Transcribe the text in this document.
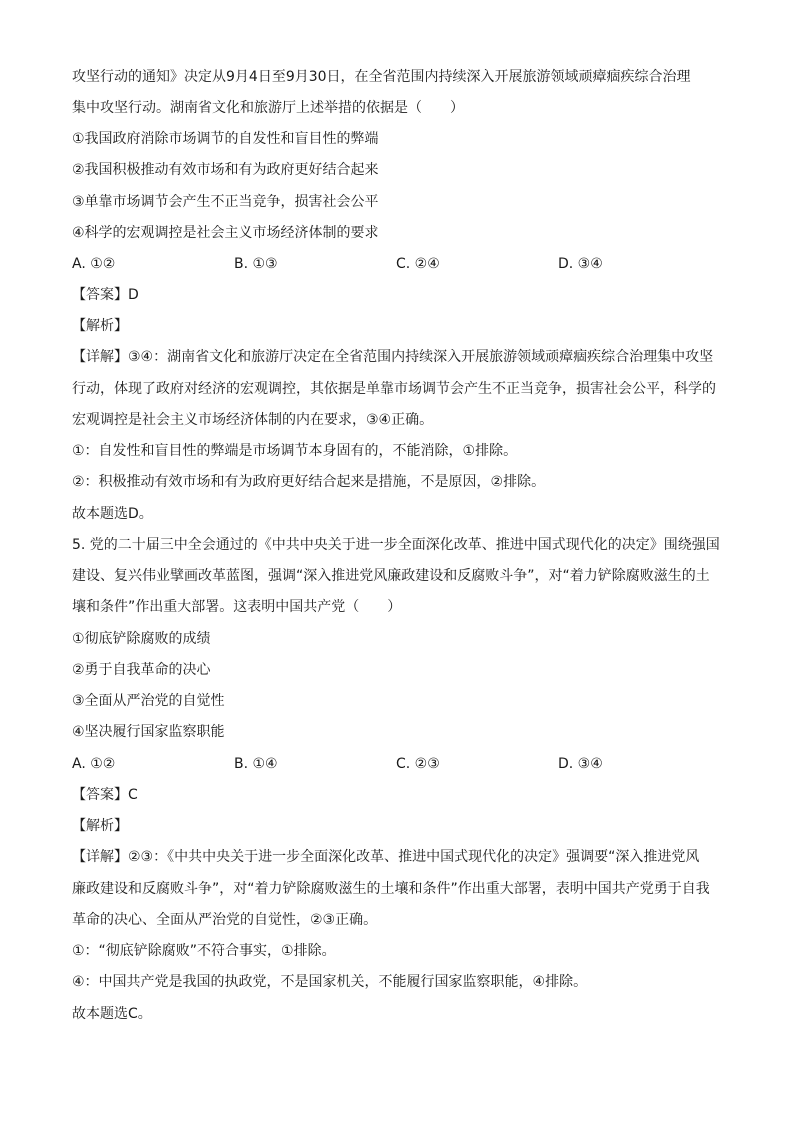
攻坚行动的通知》决定从9月4日至9月30日，在全省范围内持续深入开展旅游领域顽瘴痼疾综合治理
集中攻坚行动。湖南省文化和旅游厅上述举措的依据是（　　）
①我国政府消除市场调节的自发性和盲目性的弊端
②我国积极推动有效市场和有为政府更好结合起来
③单靠市场调节会产生不正当竞争，损害社会公平
④科学的宏观调控是社会主义市场经济体制的要求
A. ①②	B. ①③	C. ②④	D. ③④
【答案】D
【解析】
【详解】③④：湖南省文化和旅游厅决定在全省范围内持续深入开展旅游领域顽瘴痼疾综合治理集中攻坚
行动，体现了政府对经济的宏观调控，其依据是单靠市场调节会产生不正当竞争，损害社会公平，科学的
宏观调控是社会主义市场经济体制的内在要求，③④正确。
①：自发性和盲目性的弊端是市场调节本身固有的，不能消除，①排除。
②：积极推动有效市场和有为政府更好结合起来是措施，不是原因，②排除。
故本题选D。
5. 党的二十届三中全会通过的《中共中央关于进一步全面深化改革、推进中国式现代化的决定》围绕强国
建设、复兴伟业擘画改革蓝图，强调“深入推进党风廉政建设和反腐败斗争”，对“着力铲除腐败滋生的土
壤和条件”作出重大部署。这表明中国共产党（　　）
①彻底铲除腐败的成绩
②勇于自我革命的决心
③全面从严治党的自觉性
④坚决履行国家监察职能
A. ①②	B. ①④	C. ②③	D. ③④
【答案】C
【解析】
【详解】②③：《中共中央关于进一步全面深化改革、推进中国式现代化的决定》强调要“深入推进党风
廉政建设和反腐败斗争”，对“着力铲除腐败滋生的土壤和条件”作出重大部署，表明中国共产党勇于自我
革命的决心、全面从严治党的自觉性，②③正确。
①：“彻底铲除腐败”不符合事实，①排除。
④：中国共产党是我国的执政党，不是国家机关，不能履行国家监察职能，④排除。
故本题选C。
